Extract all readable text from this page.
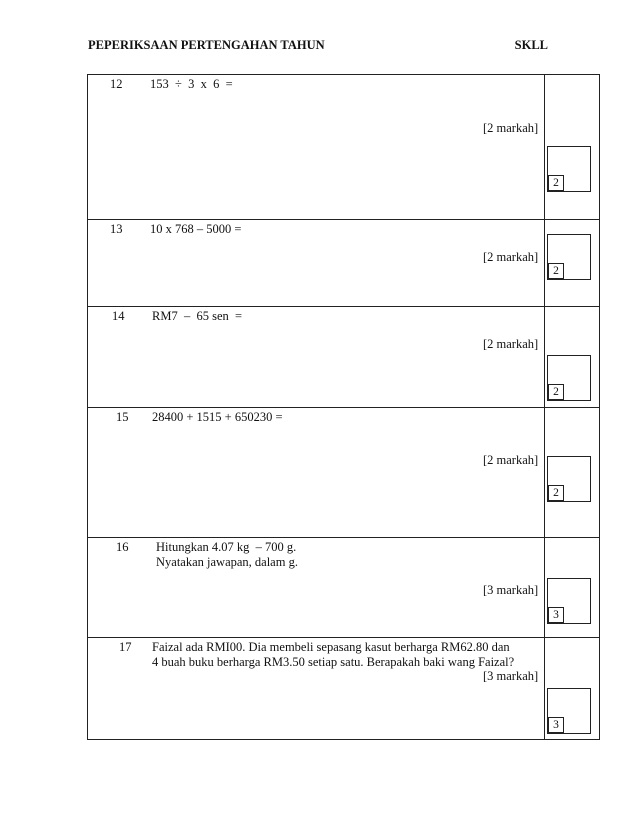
PEPERIKSAAN PERTENGAHAN TAHUN	SKLL
12 153  ÷  3  x  6  =
[2 markah]
2
13 10 x 768 – 5000 =
[2 markah]
2
14 RM7  –  65 sen  =
[2 markah]
2
15 28400 + 1515 + 650230 =
[2 markah]
2
16 Hitungkan 4.07 kg  – 700 g.
Nyatakan jawapan, dalam g.
[3 markah]
3
17 Faizal ada RMI00. Dia membeli sepasang kasut berharga RM62.80 dan
4 buah buku berharga RM3.50 setiap satu. Berapakah baki wang Faizal?
[3 markah]
3
